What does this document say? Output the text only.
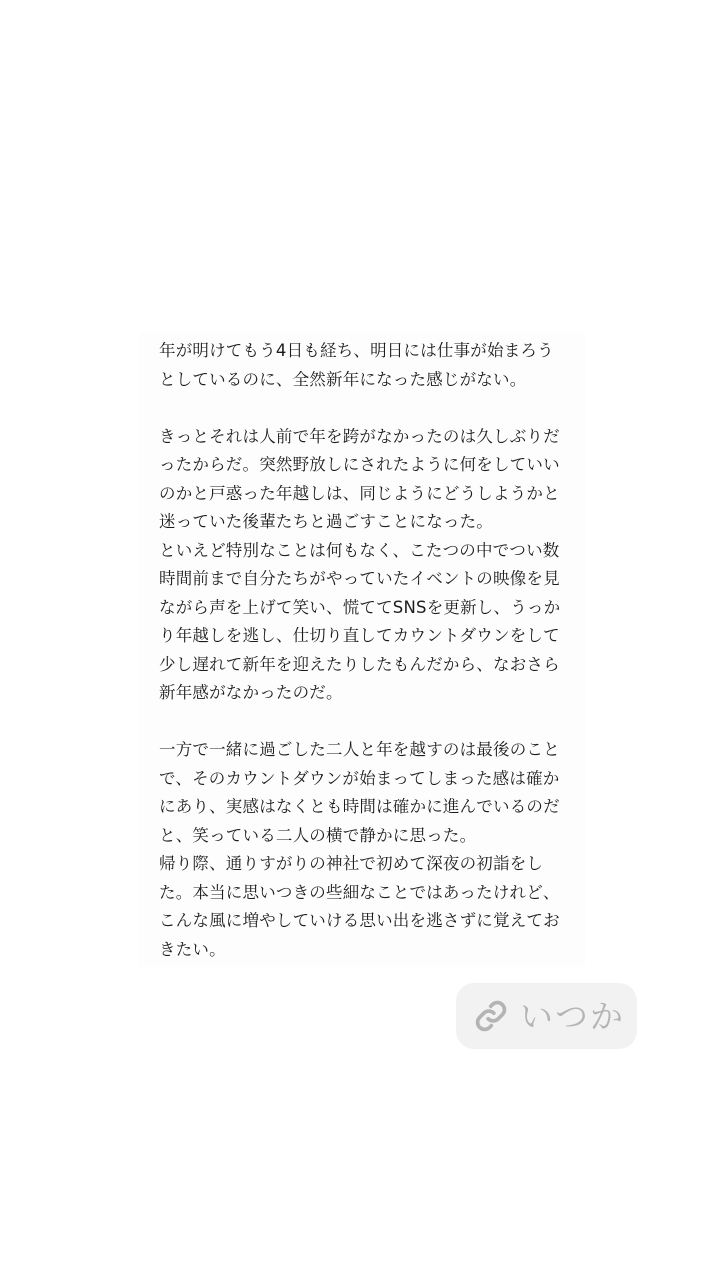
年が明けてもう4日も経ち、明日には仕事が始まろう
としているのに、全然新年になった感じがない。
きっとそれは人前で年を跨がなかったのは久しぶりだ
ったからだ。突然野放しにされたように何をしていい
のかと戸惑った年越しは、同じようにどうしようかと
迷っていた後輩たちと過ごすことになった。
といえど特別なことは何もなく、こたつの中でつい数
時間前まで自分たちがやっていたイベントの映像を見
ながら声を上げて笑い、慌ててSNSを更新し、うっか
り年越しを逃し、仕切り直してカウントダウンをして
少し遅れて新年を迎えたりしたもんだから、なおさら
新年感がなかったのだ。
一方で一緒に過ごした二人と年を越すのは最後のこと
で、そのカウントダウンが始まってしまった感は確か
にあり、実感はなくとも時間は確かに進んでいるのだ
と、笑っている二人の横で静かに思った。
帰り際、通りすがりの神社で初めて深夜の初詣をし
た。本当に思いつきの些細なことではあったけれど、
こんな風に増やしていける思い出を逃さずに覚えてお
きたい。
いつか
